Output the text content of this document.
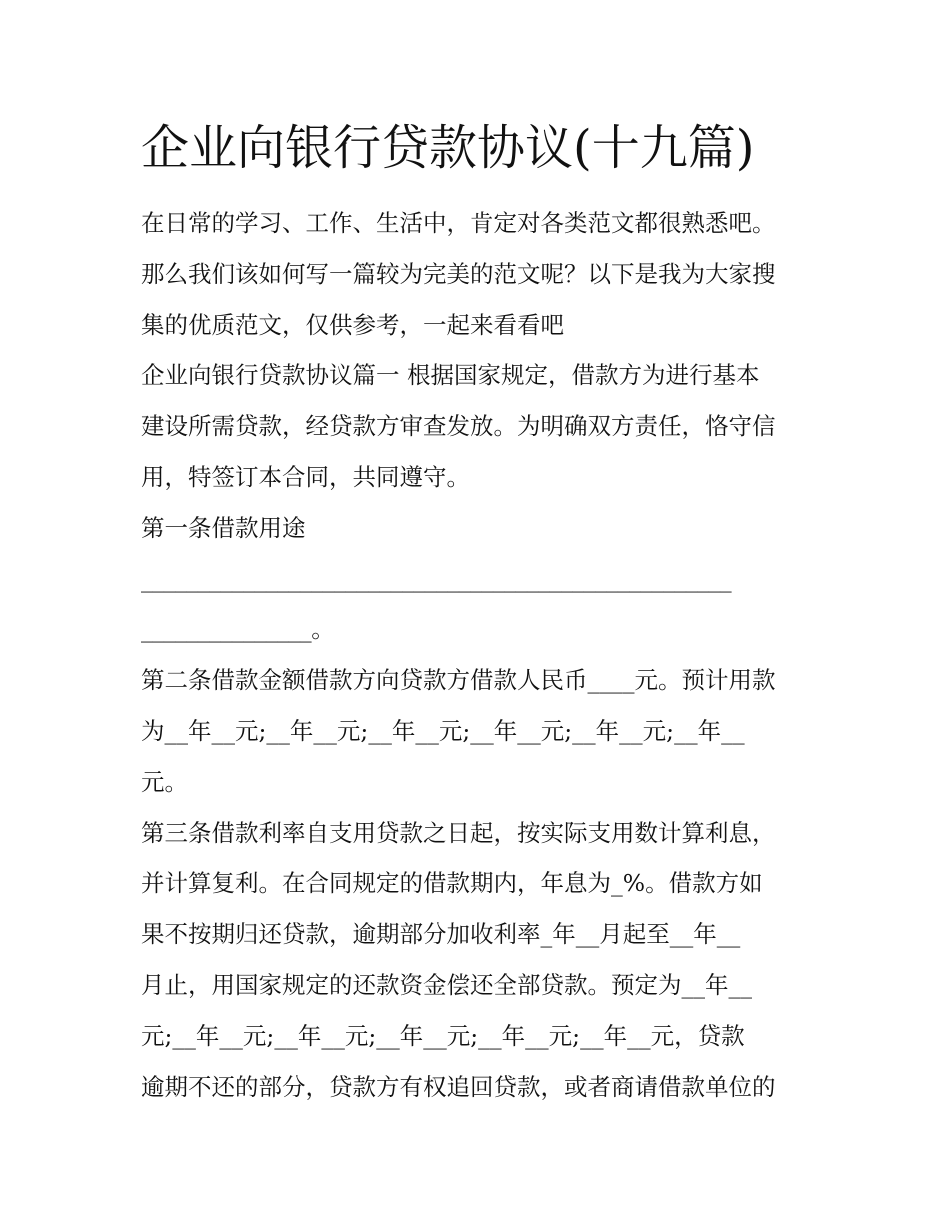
企业向银行贷款协议(十九篇)
在日常的学习、工作、生活中，肯定对各类范文都很熟悉吧。
那么我们该如何写一篇较为完美的范文呢？以下是我为大家搜
集的优质范文，仅供参考，一起来看看吧
企业向银行贷款协议篇一 根据国家规定，借款方为进行基本
建设所需贷款，经贷款方审查发放。为明确双方责任，恪守信
用，特签订本合同，共同遵守。
第一条借款用途
____________________________________________________
_______________。
第二条借款金额借款方向贷款方借款人民币____元。预计用款
为__年__元;__年__元;__年__元;__年__元;__年__元;__年__
元。
第三条借款利率自支用贷款之日起，按实际支用数计算利息，
并计算复利。在合同规定的借款期内，年息为_%。借款方如
果不按期归还贷款，逾期部分加收利率_年__月起至__年__
月止，用国家规定的还款资金偿还全部贷款。预定为__年__
元;__年__元;__年__元;__年__元;__年__元;__年__元，贷款
逾期不还的部分，贷款方有权追回贷款，或者商请借款单位的
